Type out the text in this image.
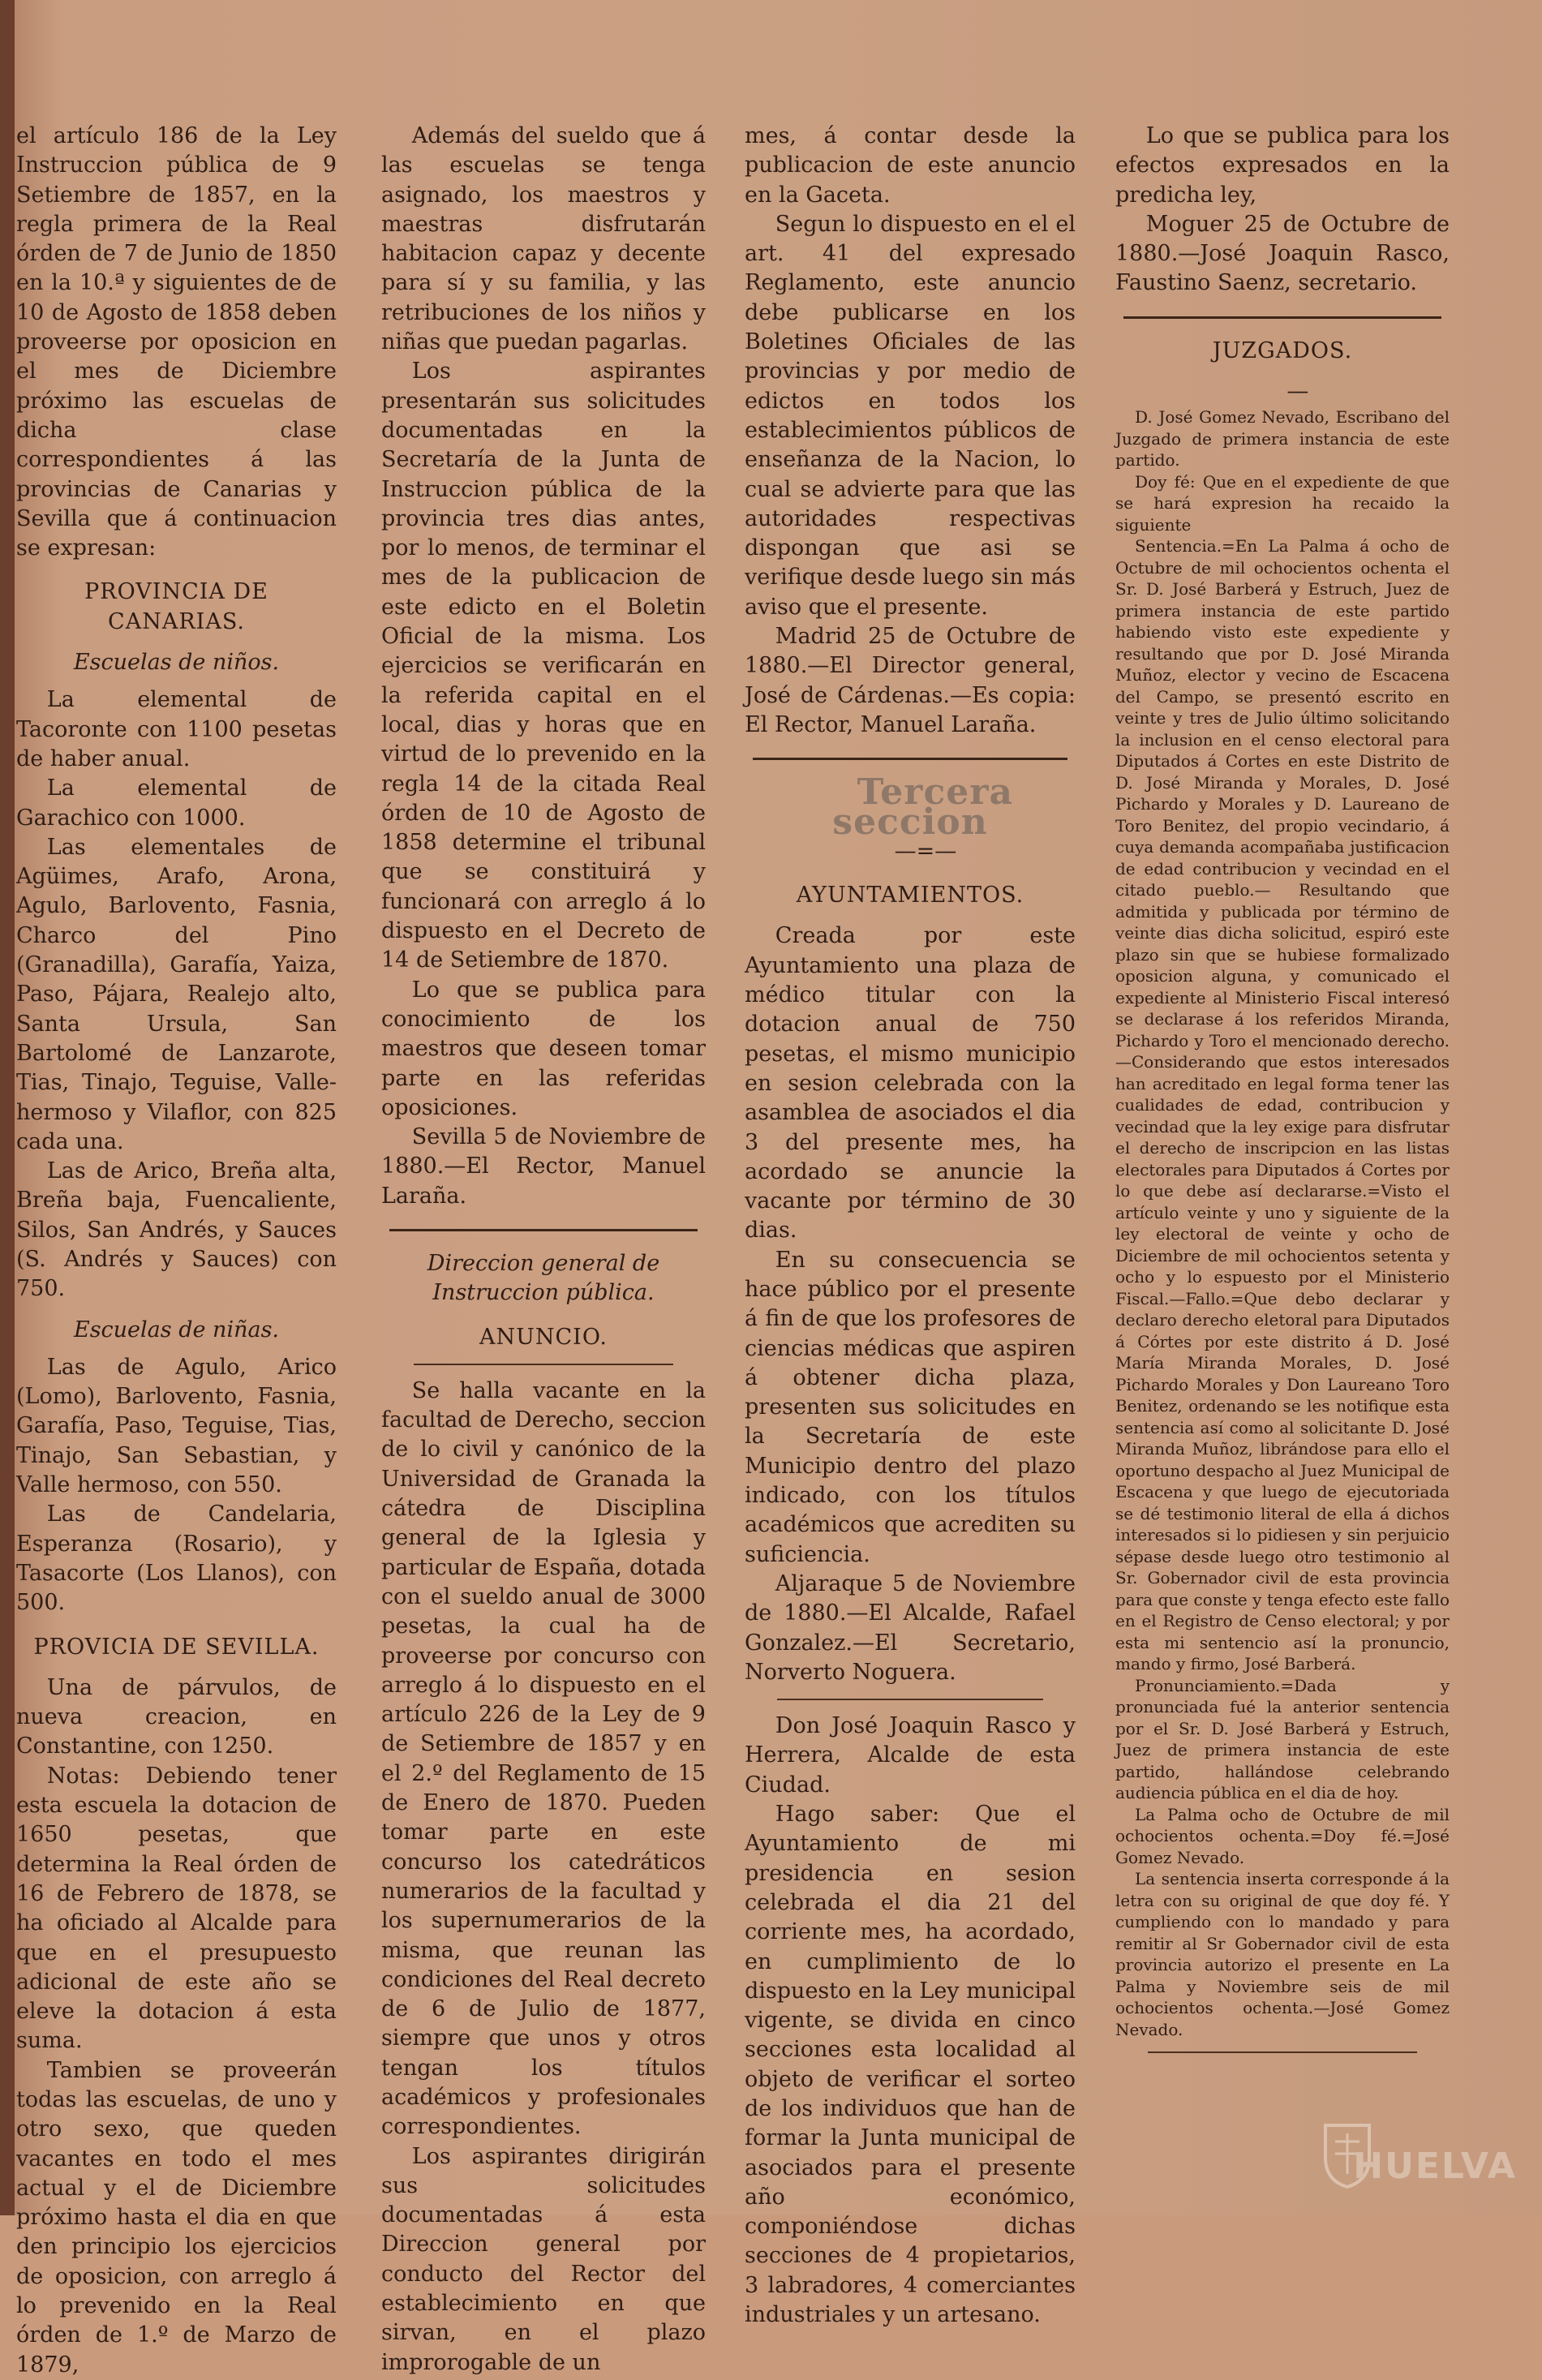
el artículo 186 de la Ley Instruccion pública de 9 Setiembre de 1857, en la regla primera de la Real órden de 7 de Junio de 1850 en la 10.ª y siguientes de de 10 de Agosto de 1858 deben proveerse por oposicion en el mes de Diciembre próximo las escuelas de dicha clase correspondientes á las provincias de Canarias y Sevilla que á continuacion se expresan:

PROVINCIA DE CANARIAS.

Escuelas de niños.

La elemental de Tacoronte con 1100 pesetas de haber anual.

La elemental de Garachico con 1000.

Las elementales de Agüimes, Arafo, Arona, Agulo, Barlovento, Fasnia, Charco del Pino (Granadilla), Garafía, Yaiza, Paso, Pájara, Realejo alto, Santa Ursula, San Bartolomé de Lanzarote, Tias, Tinajo, Teguise, Valle-hermoso y Vilaflor, con 825 cada una.

Las de Arico, Breña alta, Breña baja, Fuencaliente, Silos, San Andrés, y Sauces (S. Andrés y Sauces) con 750.

Escuelas de niñas.

Las de Agulo, Arico (Lomo), Barlovento, Fasnia, Garafía, Paso, Teguise, Tias, Tinajo, San Sebastian, y Valle hermoso, con 550.

Las de Candelaria, Esperanza (Rosario), y Tasacorte (Los Llanos), con 500.

PROVICIA DE SEVILLA.

Una de párvulos, de nueva creacion, en Constantine, con 1250.

Notas: Debiendo tener esta escuela la dotacion de 1650 pesetas, que determina la Real órden de 16 de Febrero de 1878, se ha oficiado al Alcalde para que en el presupuesto adicional de este año se eleve la dotacion á esta suma.

Tambien se proveerán todas las escuelas, de uno y otro sexo, que queden vacantes en todo el mes actual y el de Diciembre próximo hasta el dia en que den principio los ejercicios de oposicion, con arreglo á lo prevenido en la Real órden de 1.º de Marzo de 1879,

Además del sueldo que á las escuelas se tenga asignado, los maestros y maestras disfrutarán habitacion capaz y decente para sí y su familia, y las retribuciones de los niños y niñas que puedan pagarlas.

Los aspirantes presentarán sus solicitudes documentadas en la Secretaría de la Junta de Instruccion pública de la provincia tres dias antes, por lo menos, de terminar el mes de la publicacion de este edicto en el Boletin Oficial de la misma. Los ejercicios se verificarán en la referida capital en el local, dias y horas que en virtud de lo prevenido en la regla 14 de la citada Real órden de 10 de Agosto de 1858 determine el tribunal que se constituirá y funcionará con arreglo á lo dispuesto en el Decreto de 14 de Setiembre de 1870.

Lo que se publica para conocimiento de los maestros que deseen tomar parte en las referidas oposiciones.

Sevilla 5 de Noviembre de 1880.—El Rector, Manuel Laraña.

Direccion general de Instruccion pública.

ANUNCIO.

Se halla vacante en la facultad de Derecho, seccion de lo civil y canónico de la Universidad de Granada la cátedra de Disciplina general de la Iglesia y particular de España, dotada con el sueldo anual de 3000 pesetas, la cual ha de proveerse por concurso con arreglo á lo dispuesto en el artículo 226 de la Ley de 9 de Setiembre de 1857 y en el 2.º del Reglamento de 15 de Enero de 1870. Pueden tomar parte en este concurso los catedráticos numerarios de la facultad y los supernumerarios de la misma, que reunan las condiciones del Real decreto de 6 de Julio de 1877, siempre que unos y otros tengan los títulos académicos y profesionales correspondientes.

Los aspirantes dirigirán sus solicitudes documentadas á esta Direccion general por conducto del Rector del establecimiento en que sirvan, en el plazo improrogable de un

mes, á contar desde la publicacion de este anuncio en la Gaceta.

Segun lo dispuesto en el el art. 41 del expresado Reglamento, este anuncio debe publicarse en los Boletines Oficiales de las provincias y por medio de edictos en todos los establecimientos públicos de enseñanza de la Nacion, lo cual se advierte para que las autoridades respectivas dispongan que asi se verifique desde luego sin más aviso que el presente.

Madrid 25 de Octubre de 1880.—El Director general, José de Cárdenas.—Es copia: El Rector, Manuel Laraña.

Tercera seccion

—=—

AYUNTAMIENTOS.

Creada por este Ayuntamiento una plaza de médico titular con la dotacion anual de 750 pesetas, el mismo municipio en sesion celebrada con la asamblea de asociados el dia 3 del presente mes, ha acordado se anuncie la vacante por término de 30 dias.

En su consecuencia se hace público por el presente á fin de que los profesores de ciencias médicas que aspiren á obtener dicha plaza, presenten sus solicitudes en la Secretaría de este Municipio dentro del plazo indicado, con los títulos académicos que acrediten su suficiencia.

Aljaraque 5 de Noviembre de 1880.—El Alcalde, Rafael Gonzalez.—El Secretario, Norverto Noguera.

Don José Joaquin Rasco y Herrera, Alcalde de esta Ciudad.

Hago saber: Que el Ayuntamiento de mi presidencia en sesion celebrada el dia 21 del corriente mes, ha acordado, en cumplimiento de lo dispuesto en la Ley municipal vigente, se divida en cinco secciones esta localidad al objeto de verificar el sorteo de los individuos que han de formar la Junta municipal de asociados para el presente año económico, componiéndose dichas secciones de 4 propietarios, 3 labradores, 4 comerciantes industriales y un artesano.

Lo que se publica para los efectos expresados en la predicha ley,

Moguer 25 de Octubre de 1880.—José Joaquin Rasco, Faustino Saenz, secretario.

JUZGADOS.

—

D. José Gomez Nevado, Escribano del Juzgado de primera instancia de este partido.

Doy fé: Que en el expediente de que se hará expresion ha recaido la siguiente

Sentencia.=En La Palma á ocho de Octubre de mil ochocientos ochenta el Sr. D. José Barberá y Estruch, Juez de primera instancia de este partido habiendo visto este expediente y resultando que por D. José Miranda Muñoz, elector y vecino de Escacena del Campo, se presentó escrito en veinte y tres de Julio último solicitando la inclusion en el censo electoral para Diputados á Cortes en este Distrito de D. José Miranda y Morales, D. José Pichardo y Morales y D. Laureano de Toro Benitez, del propio vecindario, á cuya demanda acompañaba justificacion de edad contribucion y vecindad en el citado pueblo.— Resultando que admitida y publicada por término de veinte dias dicha solicitud, espiró este plazo sin que se hubiese formalizado oposicion alguna, y comunicado el expediente al Ministerio Fiscal interesó se declarase á los referidos Miranda, Pichardo y Toro el mencionado derecho.—Considerando que estos interesados han acreditado en legal forma tener las cualidades de edad, contribucion y vecindad que la ley exige para disfrutar el derecho de inscripcion en las listas electorales para Diputados á Cortes por lo que debe así declararse.=Visto el artículo veinte y uno y siguiente de la ley electoral de veinte y ocho de Diciembre de mil ochocientos setenta y ocho y lo espuesto por el Ministerio Fiscal.—Fallo.=Que debo declarar y declaro derecho eletoral para Diputados á Córtes por este distrito á D. José María Miranda Morales, D. José Pichardo Morales y Don Laureano Toro Benitez, ordenando se les notifique esta sentencia así como al solicitante D. José Miranda Muñoz, librándose para ello el oportuno despacho al Juez Municipal de Escacena y que luego de ejecutoriada se dé testimonio literal de ella á dichos interesados si lo pidiesen y sin perjuicio sépase desde luego otro testimonio al Sr. Gobernador civil de esta provincia para que conste y tenga efecto este fallo en el Registro de Censo electoral; y por esta mi sentencio así la pronuncio, mando y firmo, José Barberá.

Pronunciamiento.=Dada y pronunciada fué la anterior sentencia por el Sr. D. José Barberá y Estruch, Juez de primera instancia de este partido, hallándose celebrando audiencia pública en el dia de hoy.

La Palma ocho de Octubre de mil ochocientos ochenta.=Doy fé.=José Gomez Nevado.

La sentencia inserta corresponde á la letra con su original de que doy fé. Y cumpliendo con lo mandado y para remitir al Sr Gobernador civil de esta provincia autorizo el presente en La Palma y Noviembre seis de mil ochocientos ochenta.—José Gomez Nevado.

HUELVA
